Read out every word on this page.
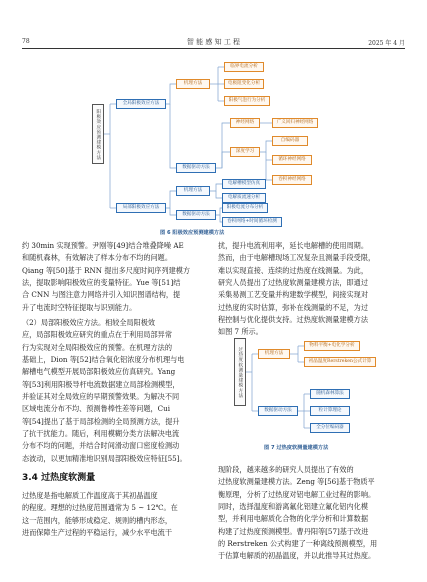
78	智 能 感 知 工 程	2025 年 4 月
阳极效应预测建模方法
全局阳极效应方法
机理方法
临界电流分析
电极阻变化分析
阳极气泡行为分析
数据驱动方法
神经网络	广义回归神经网络
深度学习
自编码器
循环神经网络
卷积神经网络
局部阳极效应方法
机理方法
电解槽模型仿真
电解质流速分析
数据驱动方法
阳极电流分布分析
卷积网络+时间循环检测
图 6 阳极效应预测建模方法
约 30min 实现预警。尹刚等[49]结合堆叠降噪 AE
和随机森林，有效解决了样本分布不均的问题。
Qiang 等[50]基于 RNN 提出多尺度时间序列建模方
法，提取影响阳极效应的变量特征。Yue 等[51]结
合 CNN 与图注意力网络并引入知识图谱结构，提
升了电流时空特征提取与识别能力。
（2）局部阳极效应方法。相较全局阳极效
应，局部阳极效应研究的重点在于利用局部异常
行为实现对全局阳极效应的预警。在机理方法的
基础上，Dion 等[52]结合氧化铝浓度分布机理与电
解槽电气模型开展局部阳极效应仿真研究。Yang
等[53]利用阳极导杆电流数据建立局部检测模型，
并验证其对全局效应的早期预警效果。为解决不同
区域电流分布不均、预测鲁棒性差等问题，Cui
等[54]提出了基于局部检测的全局预测方法，提升
了抗干扰能力。随后，利用模糊分类方法解决电流
分布不均的问题，并结合时间滑动窗口密度检测动
态波动，以更加精准地识别局部阳极效应特征[55]。
3.4 过热度软测量
过热度是指电解质工作温度高于其初晶温度
的程度。理想的过热度范围通常为 5 ~ 12℃。在
这一范围内，能够形成稳定、规则的槽内形态，
进而保障生产过程的平稳运行，减少水平电流干
扰，提升电流利用率，延长电解槽的使用周期。
然而，由于电解槽现场工况复杂且测量手段受限，
难以实现直接、连续的过热度在线测量。为此，
研究人员提出了过热度软测量建模方法，即通过
采集易测工艺变量并构建数学模型，间接实现对
过热度的实时估算，弥补在线测量的不足，为过
程控制与优化提供支持。过热度软测量建模方法
如图 7 所示。
过热度软测量建模方法	机理方法
物料平衡+电化学分析
初晶温度Rerstreken公式计算
数据驱动方法
随机森林算法
粒计算理论
全分位编码器
图 7 过热度软测量建模方法
现阶段，越来越多的研究人员提出了有效的
过热度软测量建模方法。Zeng 等[56]基于物质平
衡原理，分析了过热度对铝电解工业过程的影响。
同时，选择温度和游离氟化铝建立氟化铝内化模
型，并利用电解质化合物的化学分析和计算数据
构建了过热度预测模型。曹丹阳等[57]基于改进
的 Rerstreken 公式构建了一种离线预测模型，用
于估算电解质的初晶温度，并以此推导其过热度。
